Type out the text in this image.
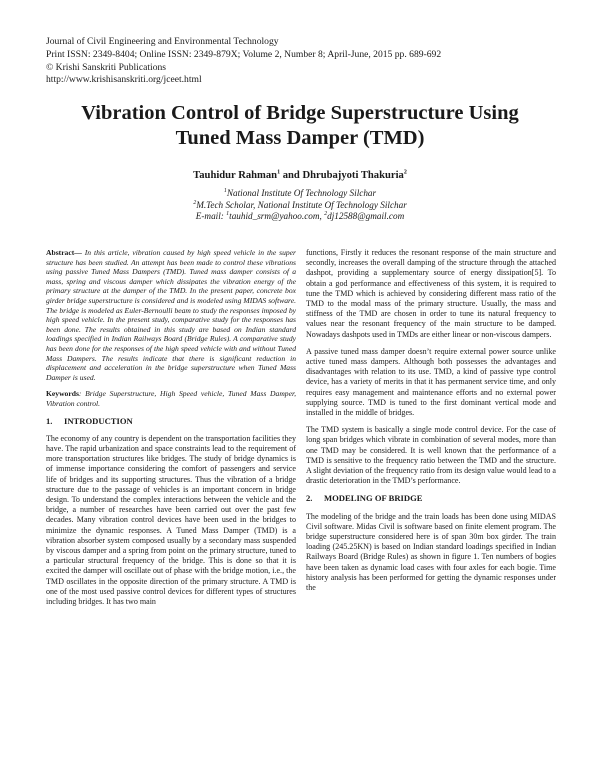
Journal of Civil Engineering and Environmental Technology
Print ISSN: 2349-8404; Online ISSN: 2349-879X; Volume 2, Number 8; April-June, 2015 pp. 689-692
© Krishi Sanskriti Publications
http://www.krishisanskriti.org/jceet.html
Vibration Control of Bridge Superstructure Using
Tuned Mass Damper (TMD)
Tauhidur Rahman$^1$ and Dhrubajyoti Thakuria$^2$
$^1$National Institute Of Technology Silchar
$^2$M.Tech Scholar, National Institute Of Technology Silchar
E-mail: $^1$tauhid_srm@yahoo.com, $^2$dj12588@gmail.com

Abstract— In this article, vibration caused by high speed vehicle in the super structure has been studied. An attempt has been made to control these vibrations using passive Tuned Mass Dampers (TMD). Tuned mass damper consists of a mass, spring and viscous damper which dissipates the vibration energy of the primary structure at the damper of the TMD. In the present paper, concrete box girder bridge superstructure is considered and is modeled using MIDAS software. The bridge is modeled as Euler-Bernoulli beam to study the responses imposed by high speed vehicle. In the present study, comparative study for the responses has been done. The results obtained in this study are based on Indian standard loadings specified in Indian Railways Board (Bridge Rules). A comparative study has been done for the responses of the high speed vehicle with and without Tuned Mass Dampers. The results indicate that there is significant reduction in displacement and acceleration in the bridge superstructure when Tuned Mass Damper is used.

Keywords: Bridge Superstructure, High Speed vehicle, Tuned Mass Damper, Vibration control.

1. INTRODUCTION

The economy of any country is dependent on the transportation facilities they have. The rapid urbanization and space constraints lead to the requirement of more transportation structures like bridges. The study of bridge dynamics is of immense importance considering the comfort of passengers and service life of bridges and its supporting structures. Thus the vibration of a bridge structure due to the passage of vehicles is an important concern in bridge design. To understand the complex interactions between the vehicle and the bridge, a number of researches have been carried out over the past few decades. Many vibration control devices have been used in the bridges to minimize the dynamic responses. A Tuned Mass Damper (TMD) is a vibration absorber system composed usually by a secondary mass suspended by viscous damper and a spring from point on the primary structure, tuned to a particular structural frequency of the bridge. This is done so that it is excited the damper will oscillate out of phase with the bridge motion, i.e., the TMD oscillates in the opposite direction of the primary structure. A TMD is one of the most used passive control devices for different types of structures including bridges. It has two main

functions, Firstly it reduces the resonant response of the main structure and secondly, increases the overall damping of the structure through the attached dashpot, providing a supplementary source of energy dissipation[5]. To obtain a god performance and effectiveness of this system, it is required to tune the TMD which is achieved by considering different mass ratio of the TMD to the modal mass of the primary structure. Usually, the mass and stiffness of the TMD are chosen in order to tune its natural frequency to values near the resonant frequency of the main structure to be damped. Nowadays dashpots used in TMDs are either linear or non-viscous dampers.

A passive tuned mass damper doesn’t require external power source unlike active tuned mass dampers. Although both possesses the advantages and disadvantages with relation to its use. TMD, a kind of passive type control device, has a variety of merits in that it has permanent service time, and only requires easy management and maintenance efforts and no external power supplying source. TMD is tuned to the first dominant vertical mode and installed in the middle of bridges.

The TMD system is basically a single mode control device. For the case of long span bridges which vibrate in combination of several modes, more than one TMD may be considered. It is well known that the performance of a TMD is sensitive to the frequency ratio between the TMD and the structure. A slight deviation of the frequency ratio from its design value would lead to a drastic deterioration in the TMD’s performance.

2. MODELING OF BRIDGE

The modeling of the bridge and the train loads has been done using MIDAS Civil software. Midas Civil is software based on finite element program. The bridge superstructure considered here is of span 30m box girder. The train loading (245.25KN) is based on Indian standard loadings specified in Indian Railways Board (Bridge Rules) as shown in figure 1. Ten numbers of bogies have been taken as dynamic load cases with four axles for each bogie. Time history analysis has been performed for getting the dynamic responses under the
